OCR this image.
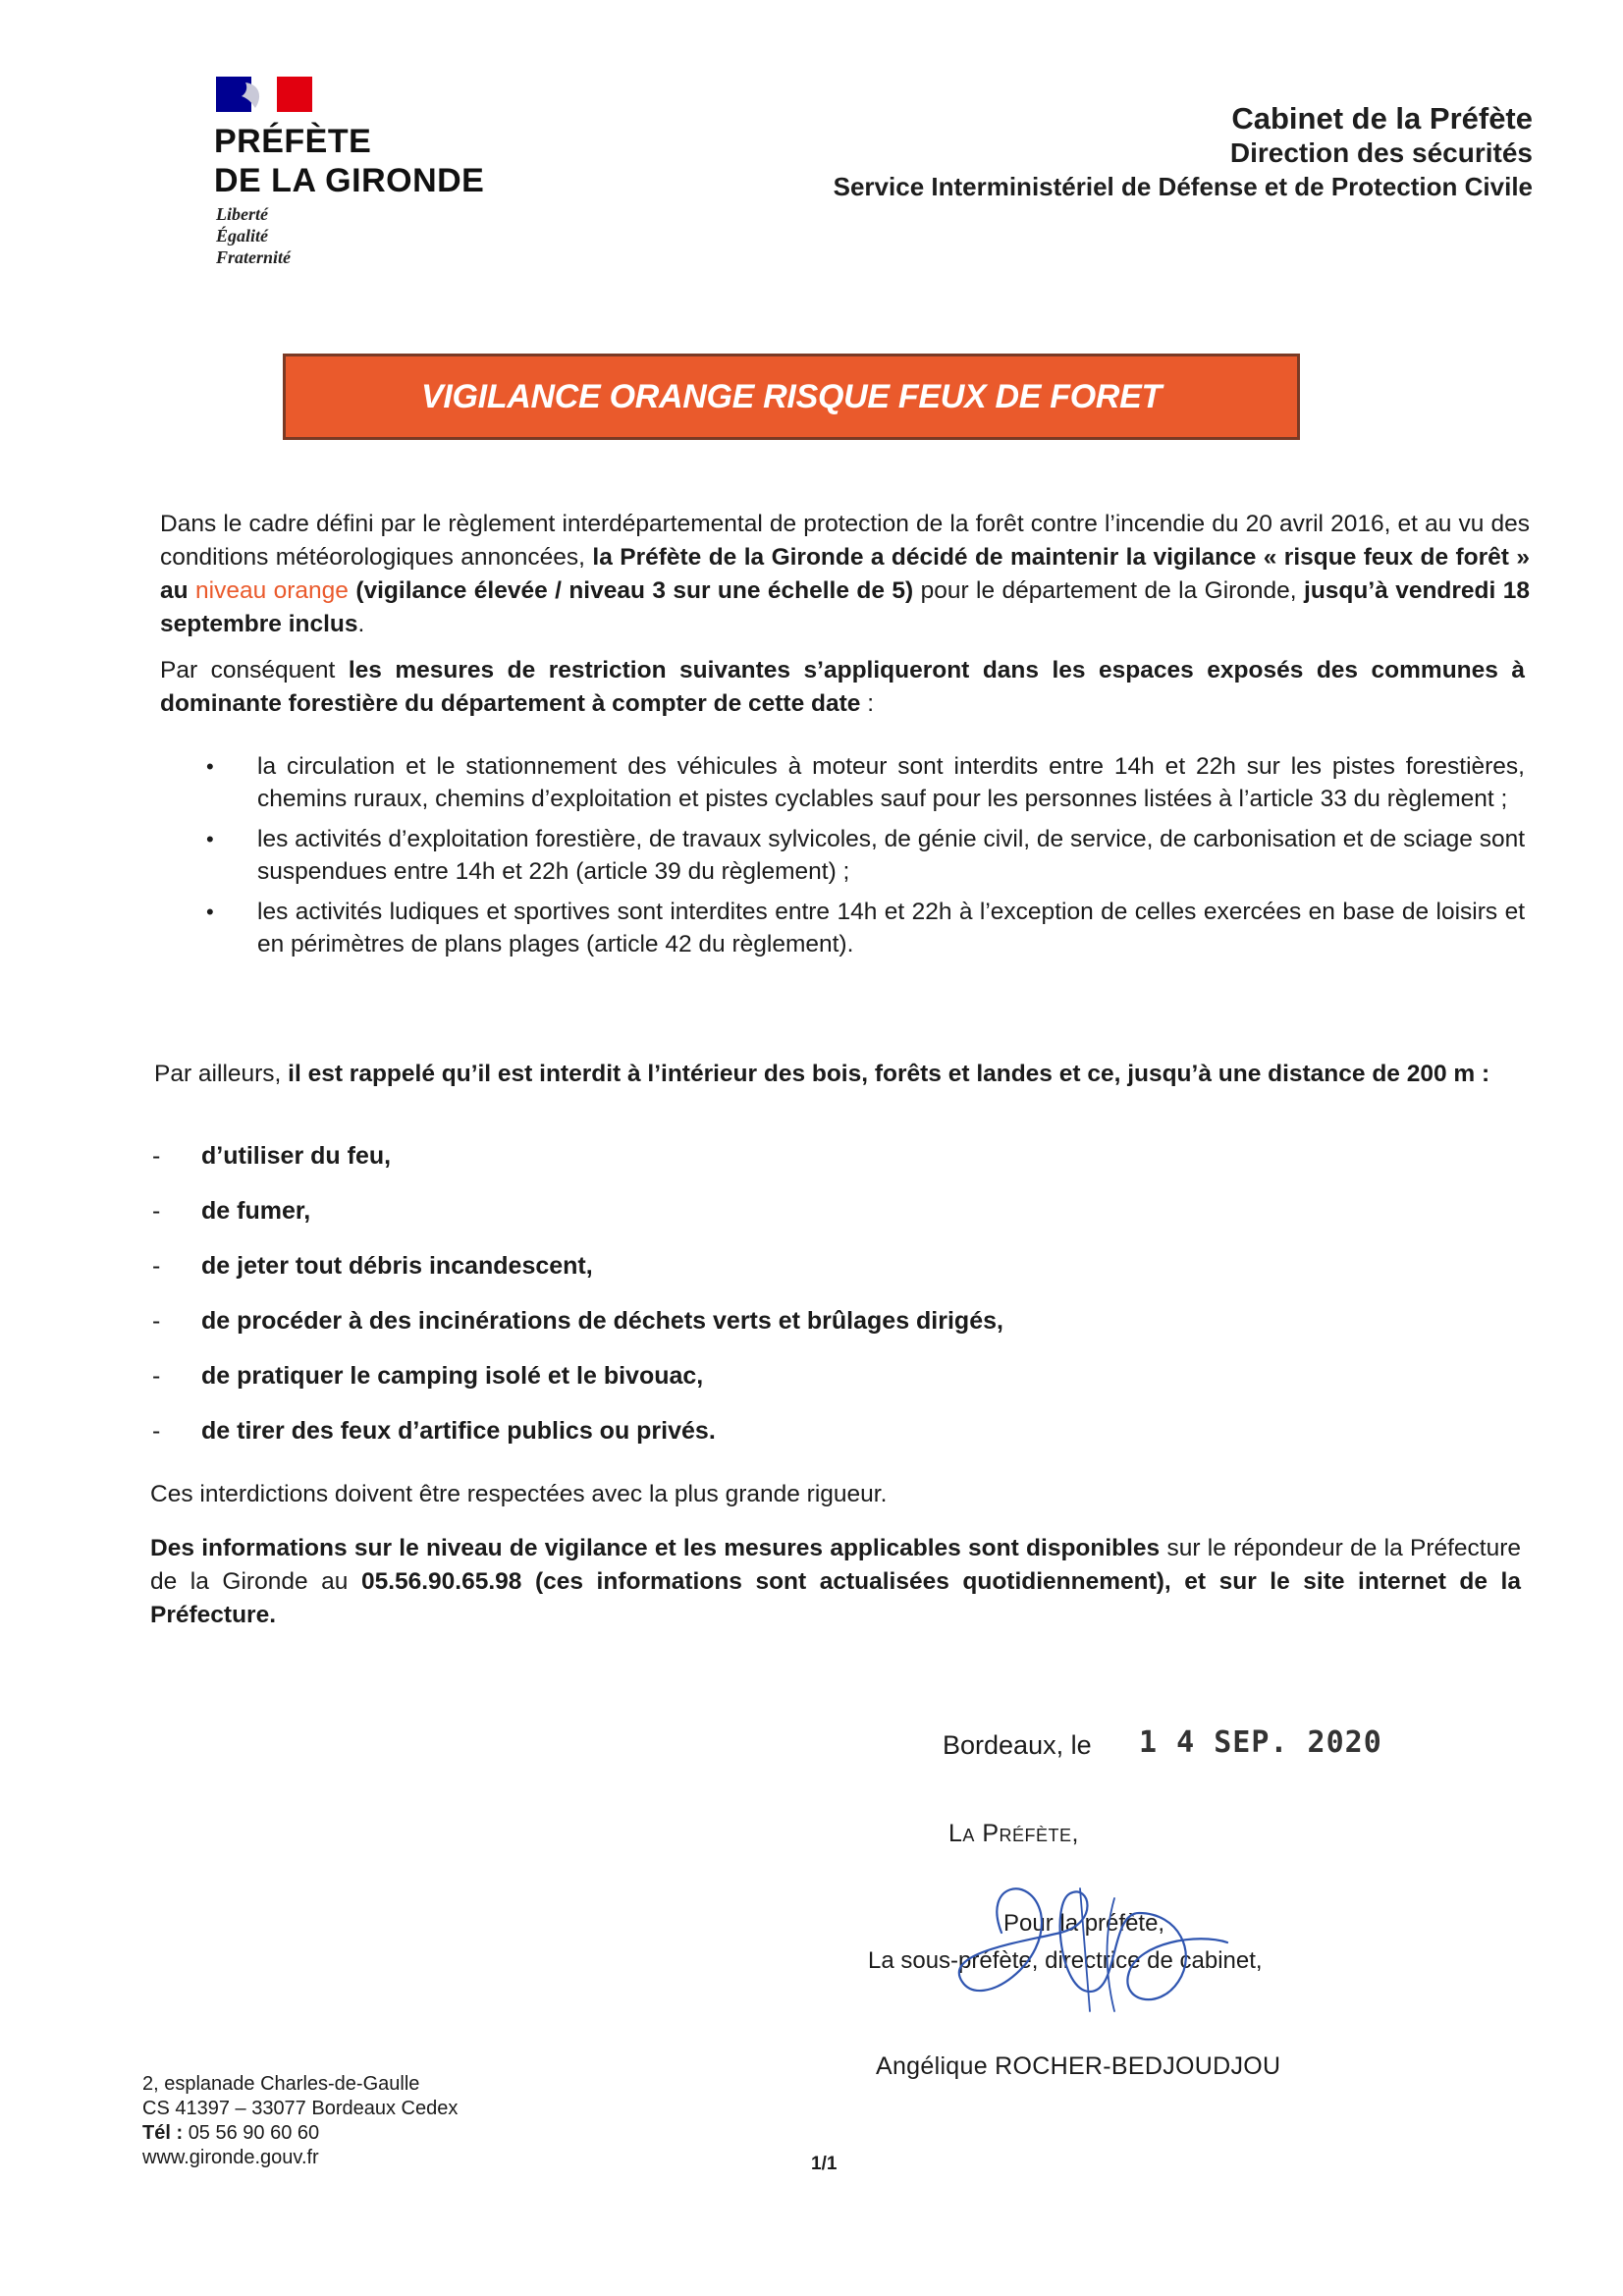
PRÉFÈTE
DE LA GIRONDE
Liberté
Égalité
Fraternité
Cabinet de la Préfète
Direction des sécurités
Service Interministériel de Défense et de Protection Civile
VIGILANCE ORANGE RISQUE FEUX DE FORET
Dans le cadre défini par le règlement interdépartemental de protection de la forêt contre l’incendie du 20 avril 2016, et au vu des conditions météorologiques annoncées, la Préfète de la Gironde a décidé de maintenir la vigilance « risque feux de forêt » au niveau orange (vigilance élevée / niveau 3 sur une échelle de 5) pour le département de la Gironde, jusqu’à vendredi 18 septembre inclus.
Par conséquent les mesures de restriction suivantes s’appliqueront dans les espaces exposés des communes à dominante forestière du département à compter de cette date :
• la circulation et le stationnement des véhicules à moteur sont interdits entre 14h et 22h sur les pistes forestières, chemins ruraux, chemins d’exploitation et pistes cyclables sauf pour les personnes listées à l’article 33 du règlement ;
• les activités d’exploitation forestière, de travaux sylvicoles, de génie civil, de service, de carbonisation et de sciage sont suspendues entre 14h et 22h (article 39 du règlement) ;
• les activités ludiques et sportives sont interdites entre 14h et 22h à l’exception de celles exercées en base de loisirs et en périmètres de plans plages (article 42 du règlement).
Par ailleurs, il est rappelé qu’il est interdit à l’intérieur des bois, forêts et landes et ce, jusqu’à une distance de 200 m :
- d’utiliser du feu,
- de fumer,
- de jeter tout débris incandescent,
- de procéder à des incinérations de déchets verts et brûlages dirigés,
- de pratiquer le camping isolé et le bivouac,
- de tirer des feux d’artifice publics ou privés.
Ces interdictions doivent être respectées avec la plus grande rigueur.
Des informations sur le niveau de vigilance et les mesures applicables sont disponibles sur le répondeur de la Préfecture de la Gironde au 05.56.90.65.98 (ces informations sont actualisées quotidiennement), et sur le site internet de la Préfecture.
Bordeaux, le 1 4 SEP. 2020
La Préfète,
Pour la préfète,
La sous-préfète, directrice de cabinet,
Angélique ROCHER-BEDJOUDJOU
2, esplanade Charles-de-Gaulle
CS 41397 – 33077 Bordeaux Cedex
Tél : 05 56 90 60 60
www.gironde.gouv.fr	1/1
